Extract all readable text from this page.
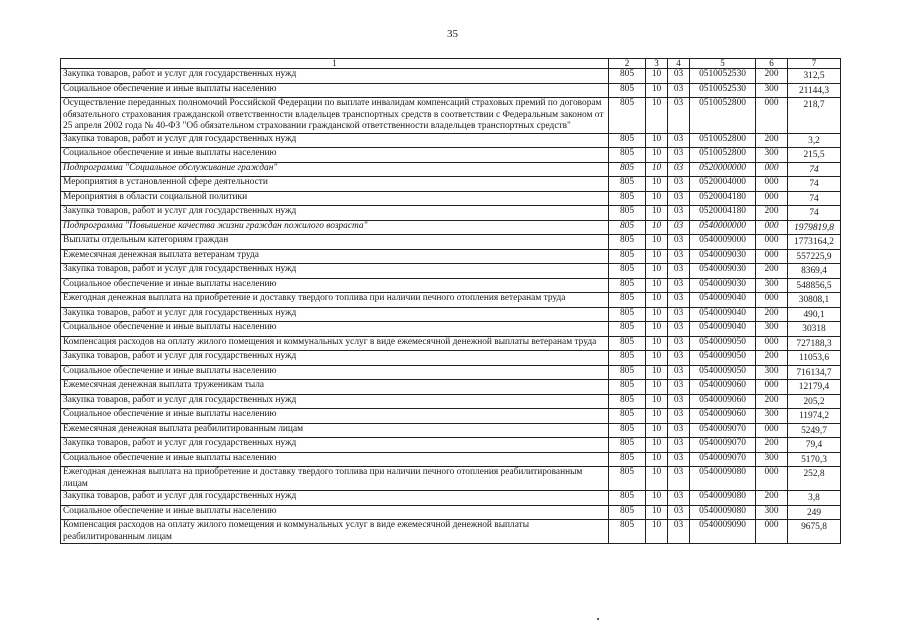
35
1	2	3	4	5	6	7
Закупка товаров, работ и услуг для государственных нужд	805	10	03	0510052530	200	312,5
Социальное обеспечение и иные выплаты населению	805	10	03	0510052530	300	21144,3
Осуществление переданных полномочий Российской Федерации по выплате инвалидам компенсаций страховых премий по договорам обязательного страхования гражданской ответственности владельцев транспортных средств в соответствии с Федеральным законом от 25 апреля 2002 года № 40-ФЗ "Об обязательном страховании гражданской ответственности владельцев транспортных средств"	805	10	03	0510052800	000	218,7
Закупка товаров, работ и услуг для государственных нужд	805	10	03	0510052800	200	3,2
Социальное обеспечение и иные выплаты населению	805	10	03	0510052800	300	215,5
Подпрограмма "Социальное обслуживание граждан"	805	10	03	0520000000	000	74
Мероприятия в установленной сфере деятельности	805	10	03	0520004000	000	74
Мероприятия в области социальной политики	805	10	03	0520004180	000	74
Закупка товаров, работ и услуг для государственных нужд	805	10	03	0520004180	200	74
Подпрограмма "Повышение качества жизни граждан пожилого возраста"	805	10	03	0540000000	000	1979819,8
Выплаты отдельным категориям граждан	805	10	03	0540009000	000	1773164,2
Ежемесячная денежная выплата ветеранам труда	805	10	03	0540009030	000	557225,9
Закупка товаров, работ и услуг для государственных нужд	805	10	03	0540009030	200	8369,4
Социальное обеспечение и иные выплаты населению	805	10	03	0540009030	300	548856,5
Ежегодная денежная выплата на приобретение и доставку твердого топлива при наличии печного отопления ветеранам труда	805	10	03	0540009040	000	30808,1
Закупка товаров, работ и услуг для государственных нужд	805	10	03	0540009040	200	490,1
Социальное обеспечение и иные выплаты населению	805	10	03	0540009040	300	30318
Компенсация расходов на оплату жилого помещения и коммунальных услуг в виде ежемесячной денежной выплаты ветеранам труда	805	10	03	0540009050	000	727188,3
Закупка товаров, работ и услуг для государственных нужд	805	10	03	0540009050	200	11053,6
Социальное обеспечение и иные выплаты населению	805	10	03	0540009050	300	716134,7
Ежемесячная денежная выплата труженикам тыла	805	10	03	0540009060	000	12179,4
Закупка товаров, работ и услуг для государственных нужд	805	10	03	0540009060	200	205,2
Социальное обеспечение и иные выплаты населению	805	10	03	0540009060	300	11974,2
Ежемесячная денежная выплата реабилитированным лицам	805	10	03	0540009070	000	5249,7
Закупка товаров, работ и услуг для государственных нужд	805	10	03	0540009070	200	79,4
Социальное обеспечение и иные выплаты населению	805	10	03	0540009070	300	5170,3
Ежегодная денежная выплата на приобретение и доставку твердого топлива при наличии печного отопления реабилитированным лицам	805	10	03	0540009080	000	252,8
Закупка товаров, работ и услуг для государственных нужд	805	10	03	0540009080	200	3,8
Социальное обеспечение и иные выплаты населению	805	10	03	0540009080	300	249
Компенсация расходов на оплату жилого помещения и коммунальных услуг в виде ежемесячной денежной выплаты реабилитированным лицам	805	10	03	0540009090	000	9675,8
